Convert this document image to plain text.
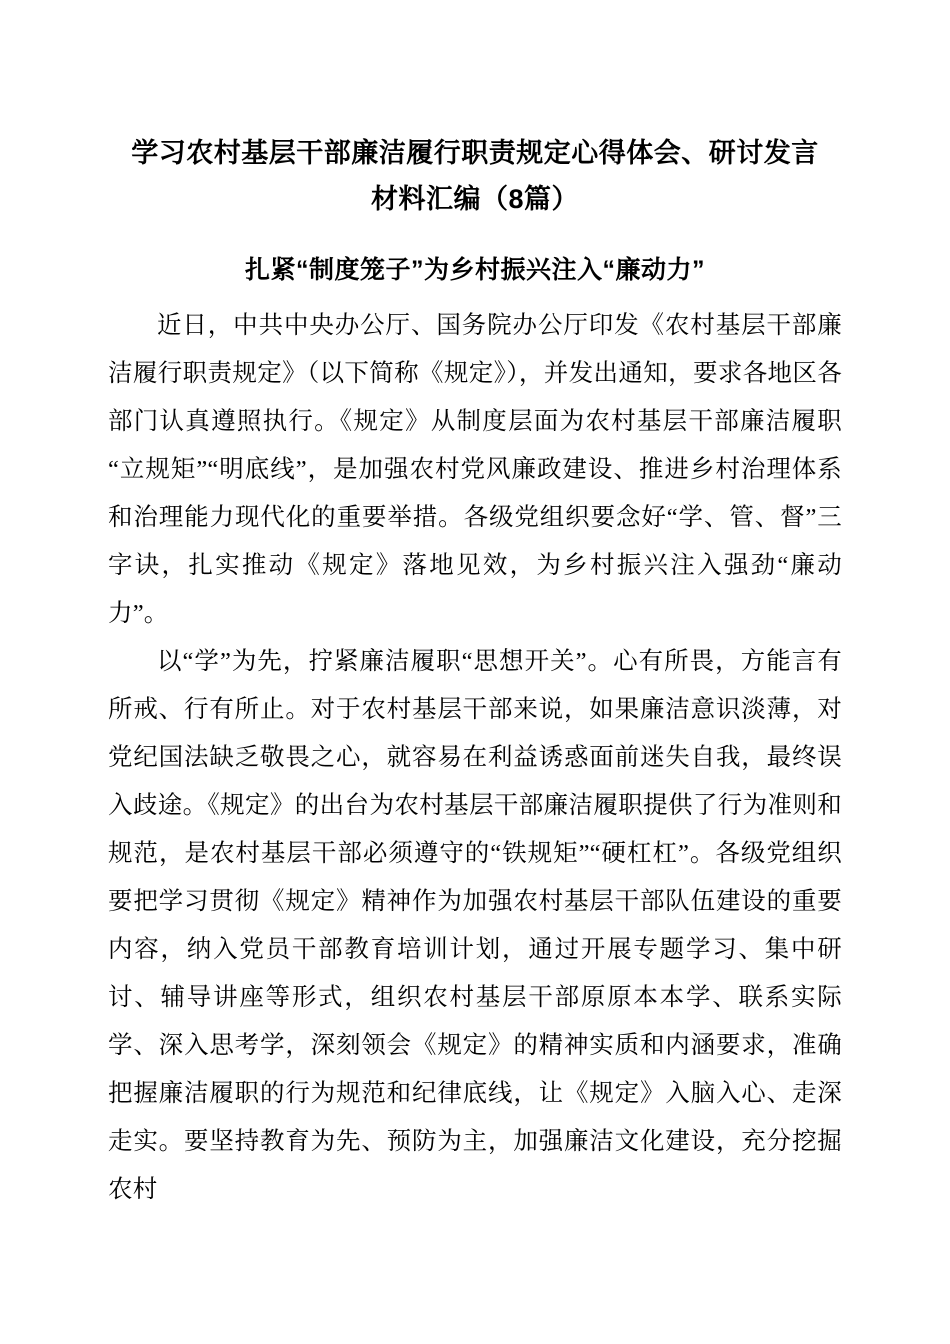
学习农村基层干部廉洁履行职责规定心得体会、研讨发言
材料汇编（8篇）
扎紧“制度笼子”为乡村振兴注入“廉动力”

近日，中共中央办公厅、国务院办公厅印发《农村基层干部廉洁履行职责规定》（以下简称《规定》），并发出通知，要求各地区各部门认真遵照执行。《规定》从制度层面为农村基层干部廉洁履职“立规矩”“明底线”，是加强农村党风廉政建设、推进乡村治理体系和治理能力现代化的重要举措。各级党组织要念好“学、管、督”三字诀，扎实推动《规定》落地见效，为乡村振兴注入强劲“廉动力”。

以“学”为先，拧紧廉洁履职“思想开关”。心有所畏，方能言有所戒、行有所止。对于农村基层干部来说，如果廉洁意识淡薄，对党纪国法缺乏敬畏之心，就容易在利益诱惑面前迷失自我，最终误入歧途。《规定》的出台为农村基层干部廉洁履职提供了行为准则和规范，是农村基层干部必须遵守的“铁规矩”“硬杠杠”。各级党组织要把学习贯彻《规定》精神作为加强农村基层干部队伍建设的重要内容，纳入党员干部教育培训计划，通过开展专题学习、集中研讨、辅导讲座等形式，组织农村基层干部原原本本学、联系实际学、深入思考学，深刻领会《规定》的精神实质和内涵要求，准确把握廉洁履职的行为规范和纪律底线，让《规定》入脑入心、走深走实。要坚持教育为先、预防为主，加强廉洁文化建设，充分挖掘农村
